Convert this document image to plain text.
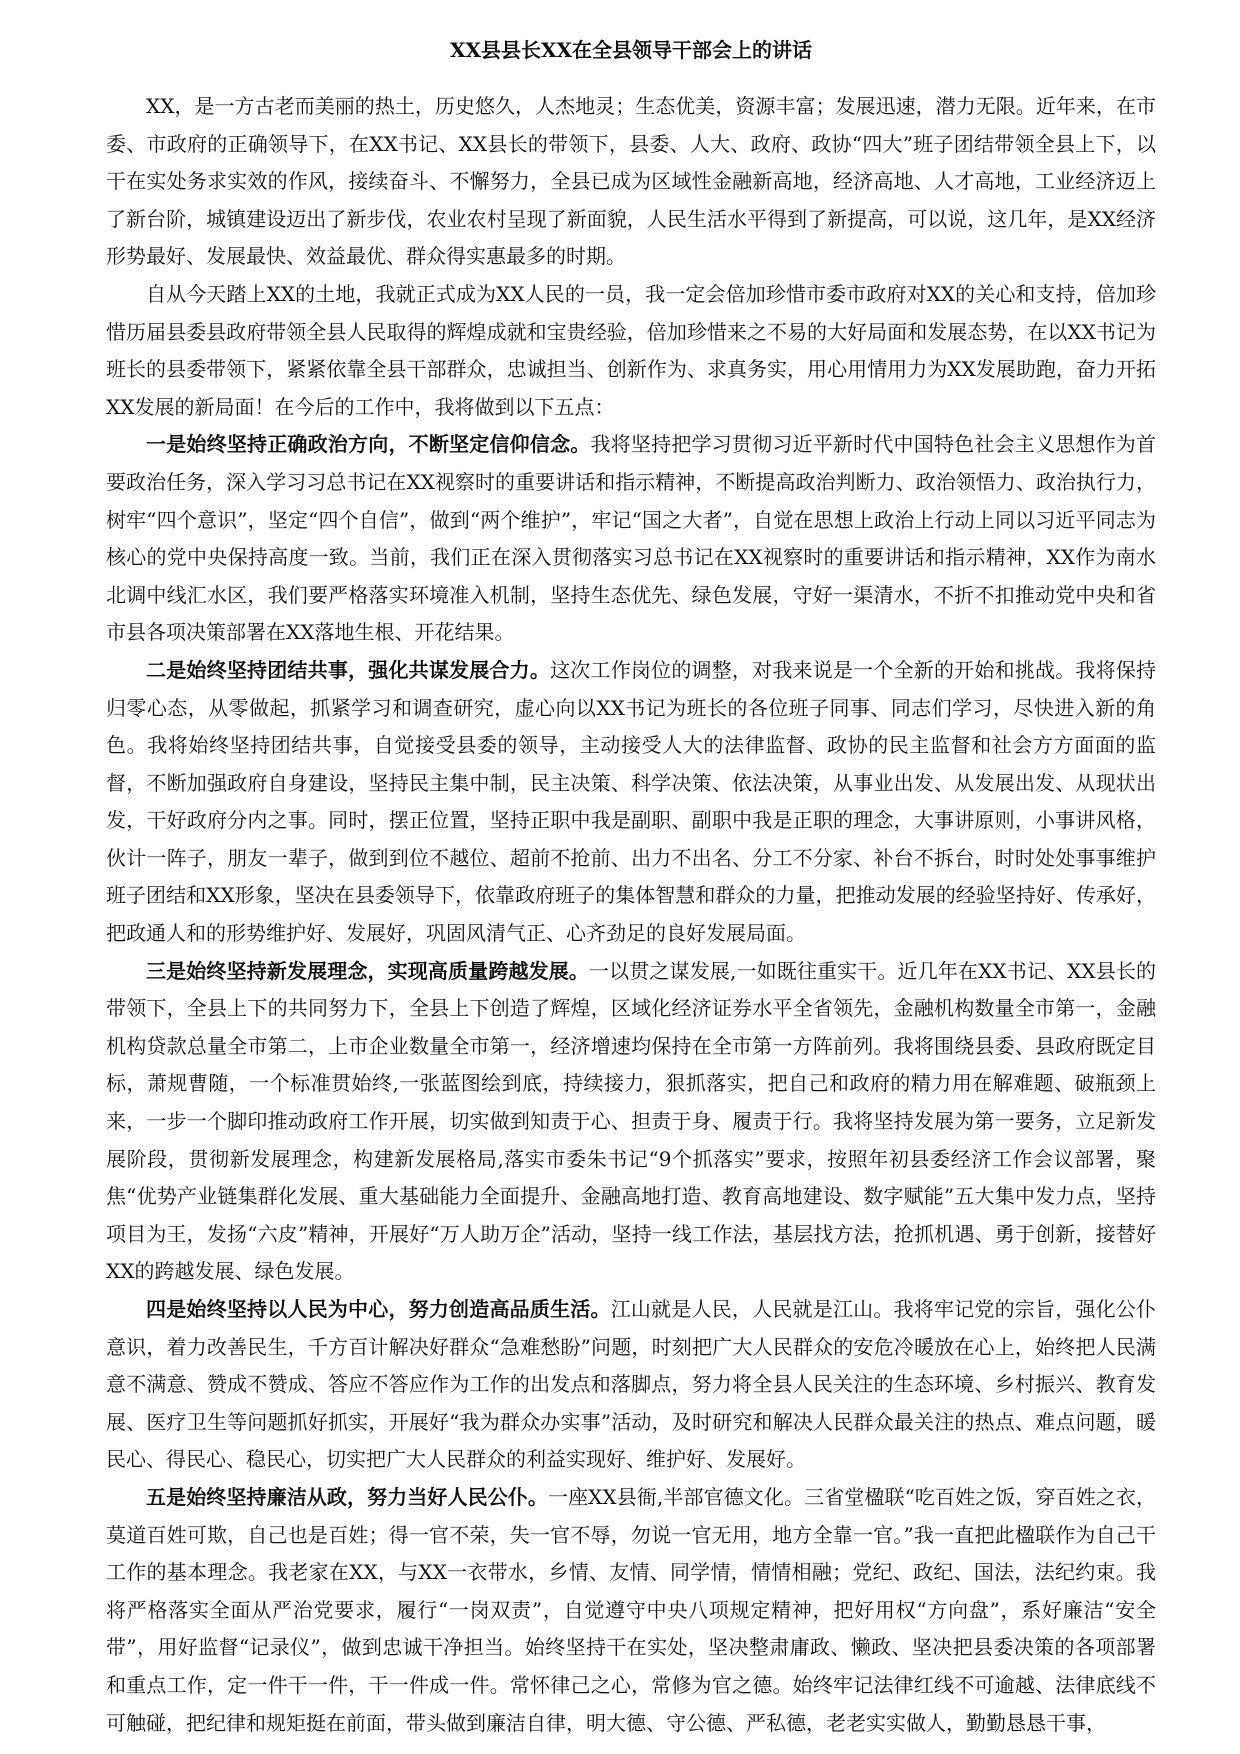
XX县县长XX在全县领导干部会上的讲话

XX，是一方古老而美丽的热土，历史悠久，人杰地灵；生态优美，资源丰富；发展迅速，潜力无限。近年来，在市委、市政府的正确领导下，在XX书记、XX县长的带领下，县委、人大、政府、政协“四大”班子团结带领全县上下，以干在实处务求实效的作风，接续奋斗、不懈努力，全县已成为区域性金融新高地，经济高地、人才高地，工业经济迈上了新台阶，城镇建设迈出了新步伐，农业农村呈现了新面貌，人民生活水平得到了新提高，可以说，这几年，是XX经济形势最好、发展最快、效益最优、群众得实惠最多的时期。

自从今天踏上XX的土地，我就正式成为XX人民的一员，我一定会倍加珍惜市委市政府对XX的关心和支持，倍加珍惜历届县委县政府带领全县人民取得的辉煌成就和宝贵经验，倍加珍惜来之不易的大好局面和发展态势，在以XX书记为班长的县委带领下，紧紧依靠全县干部群众，忠诚担当、创新作为、求真务实，用心用情用力为XX发展助跑，奋力开拓XX发展的新局面！在今后的工作中，我将做到以下五点：

一是始终坚持正确政治方向，不断坚定信仰信念。我将坚持把学习贯彻习近平新时代中国特色社会主义思想作为首要政治任务，深入学习习总书记在XX视察时的重要讲话和指示精神，不断提高政治判断力、政治领悟力、政治执行力，树牢“四个意识”，坚定“四个自信”，做到“两个维护”，牢记“国之大者”，自觉在思想上政治上行动上同以习近平同志为核心的党中央保持高度一致。当前，我们正在深入贯彻落实习总书记在XX视察时的重要讲话和指示精神，XX作为南水北调中线汇水区，我们要严格落实环境准入机制，坚持生态优先、绿色发展，守好一渠清水，不折不扣推动党中央和省市县各项决策部署在XX落地生根、开花结果。

二是始终坚持团结共事，强化共谋发展合力。这次工作岗位的调整，对我来说是一个全新的开始和挑战。我将保持归零心态，从零做起，抓紧学习和调查研究，虚心向以XX书记为班长的各位班子同事、同志们学习，尽快进入新的角色。我将始终坚持团结共事，自觉接受县委的领导，主动接受人大的法律监督、政协的民主监督和社会方方面面的监督，不断加强政府自身建设，坚持民主集中制，民主决策、科学决策、依法决策，从事业出发、从发展出发、从现状出发，干好政府分内之事。同时，摆正位置，坚持正职中我是副职、副职中我是正职的理念，大事讲原则，小事讲风格，伙计一阵子，朋友一辈子，做到到位不越位、超前不抢前、出力不出名、分工不分家、补台不拆台，时时处处事事维护班子团结和XX形象，坚决在县委领导下，依靠政府班子的集体智慧和群众的力量，把推动发展的经验坚持好、传承好，把政通人和的形势维护好、发展好，巩固风清气正、心齐劲足的良好发展局面。

三是始终坚持新发展理念，实现高质量跨越发展。一以贯之谋发展,一如既往重实干。近几年在XX书记、XX县长的带领下，全县上下的共同努力下，全县上下创造了辉煌，区域化经济证券水平全省领先，金融机构数量全市第一，金融机构贷款总量全市第二，上市企业数量全市第一，经济增速均保持在全市第一方阵前列。我将围绕县委、县政府既定目标，萧规曹随，一个标准贯始终,一张蓝图绘到底，持续接力，狠抓落实，把自己和政府的精力用在解难题、破瓶颈上来，一步一个脚印推动政府工作开展，切实做到知责于心、担责于身、履责于行。我将坚持发展为第一要务，立足新发展阶段，贯彻新发展理念，构建新发展格局,落实市委朱书记“9个抓落实”要求，按照年初县委经济工作会议部署，聚焦“优势产业链集群化发展、重大基础能力全面提升、金融高地打造、教育高地建设、数字赋能”五大集中发力点，坚持项目为王，发扬“六皮”精神，开展好“万人助万企”活动，坚持一线工作法，基层找方法，抢抓机遇、勇于创新，接替好XX的跨越发展、绿色发展。

四是始终坚持以人民为中心，努力创造高品质生活。江山就是人民，人民就是江山。我将牢记党的宗旨，强化公仆意识，着力改善民生，千方百计解决好群众“急难愁盼”问题，时刻把广大人民群众的安危冷暖放在心上，始终把人民满意不满意、赞成不赞成、答应不答应作为工作的出发点和落脚点，努力将全县人民关注的生态环境、乡村振兴、教育发展、医疗卫生等问题抓好抓实，开展好“我为群众办实事”活动，及时研究和解决人民群众最关注的热点、难点问题，暖民心、得民心、稳民心，切实把广大人民群众的利益实现好、维护好、发展好。

五是始终坚持廉洁从政，努力当好人民公仆。一座XX县衙,半部官德文化。三省堂楹联“吃百姓之饭，穿百姓之衣，莫道百姓可欺，自己也是百姓；得一官不荣，失一官不辱，勿说一官无用，地方全靠一官。”我一直把此楹联作为自己干工作的基本理念。我老家在XX，与XX一衣带水，乡情、友情、同学情，情情相融；党纪、政纪、国法，法纪约束。我将严格落实全面从严治党要求，履行“一岗双责”，自觉遵守中央八项规定精神，把好用权“方向盘”，系好廉洁“安全带”，用好监督“记录仪”，做到忠诚干净担当。始终坚持干在实处，坚决整肃庸政、懒政、坚决把县委决策的各项部署和重点工作，定一件干一件，干一件成一件。常怀律己之心，常修为官之德。始终牢记法律红线不可逾越、法律底线不可触碰，把纪律和规矩挺在前面，带头做到廉洁自律，明大德、守公德、严私德，老老实实做人，勤勤恳恳干事，
